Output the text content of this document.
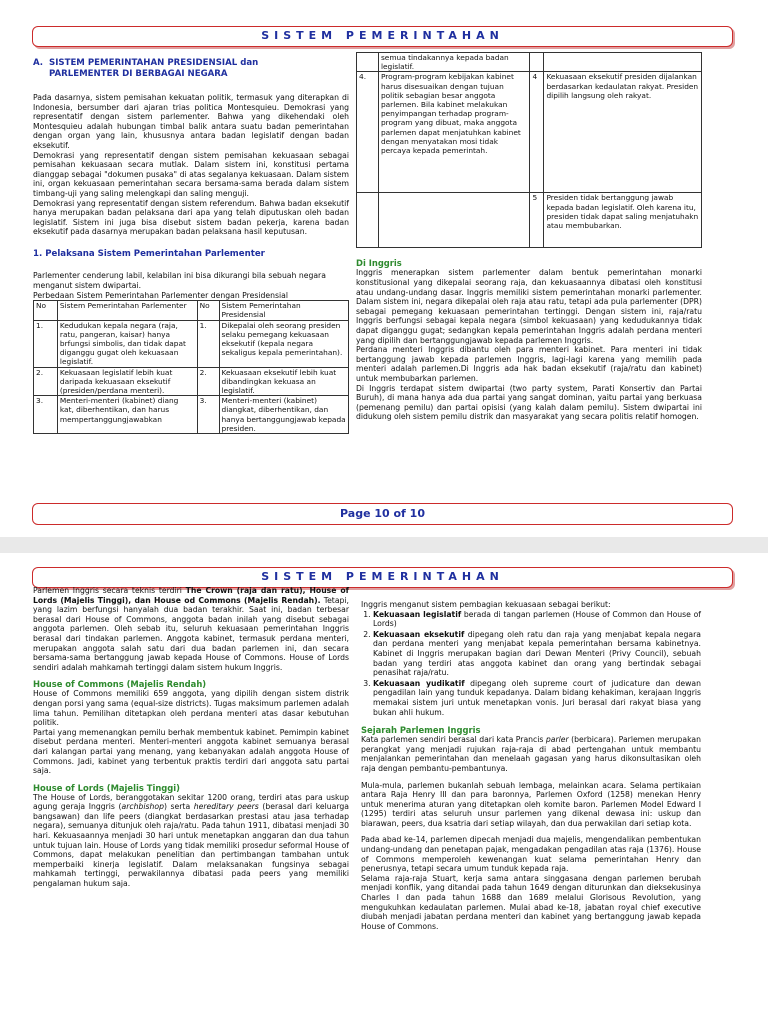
SISTEM PEMERINTAHAN
A. SISTEM PEMERINTAHAN PRESIDENSIAL dan
PARLEMENTER DI BERBAGAI NEGARA

Pada dasarnya, sistem pemisahan kekuatan politik, termasuk yang diterapkan di Indonesia, bersumber dari ajaran trias politica Montesquieu. Demokrasi yang representatif dengan sistem parlementer. Bahwa yang dikehendaki oleh Montesquieu adalah hubungan timbal balik antara suatu badan pemerintahan dengan organ yang lain, khususnya antara badan legislatif dengan badan eksekutif.

Demokrasi yang representatif dengan sistem pemisahan kekuasaan sebagai pemisahan kekuasaan secara mutlak. Dalam sistem ini, konstitusi pertama dianggap sebagai "dokumen pusaka" di atas segalanya kekuasaan. Dalam sistem ini, organ kekuasaan pemerintahan secara bersama-sama berada dalam sistem timbang-uji yang saling melengkapi dan saling menguji.

Demokrasi yang representatif dengan sistem referendum. Bahwa badan eksekutif hanya merupakan badan pelaksana dari apa yang telah diputuskan oleh badan legislatif. Sistem ini juga bisa disebut sistem badan pekerja, karena badan eksekutif pada dasarnya merupakan badan pelaksana hasil keputusan.

1. Pelaksana Sistem Pemerintahan Parlementer

Parlementer cenderung labil, kelabilan ini bisa dikurangi bila sebuah negara menganut sistem dwipartai.

Perbedaan Sistem Pemerintahan Parlementer dengan Presidensial

No	Sistem Pemerintahan Parlementer	No	Sistem Pemerintahan Presidensial
1.	Kedudukan kepala negara (raja, ratu, pangeran, kaisar) hanya brfungsi simbolis, dan tidak dapat diganggu gugat oleh kekuasaan legislatif.	1.	Dikepalai oleh seorang presiden selaku pemegang kekuasaan eksekutif (kepala negara sekaligus kepala pemerintahan).
2.	Kekuasaan legislatif lebih kuat daripada kekuasaan eksekutif (presiden/perdana menteri).	2.	Kekuasaan eksekutif lebih kuat dibandingkan kekuasa an legislatif.
3.	Menteri-menteri (kabinet) diang kat, diberhentikan, dan harus mempertanggungjawabkan	3.	Menteri-menteri (kabinet) diangkat, diberhentikan, dan hanya bertanggungjawab kepada presiden.
	semua tindakannya kepada badan legislatif.		
4.	Program-program kebijakan kabinet harus disesuaikan dengan tujuan politik sebagian besar anggota parlemen. Bila kabinet melakukan penyimpangan terhadap program-program yang dibuat, maka anggota parlemen dapat menjatuhkan kabinet dengan menyatakan mosi tidak percaya kepada pemerintah.	4	Kekuasaan eksekutif presiden dijalankan berdasarkan kedaulatan rakyat. Presiden dipilih langsung oleh rakyat.
		5	Presiden tidak bertanggung jawab kepada badan legislatif. Oleh karena itu, presiden tidak dapat saling menjatuhakn atau membubarkan.
Di Inggris

Inggris menerapkan sistem parlementer dalam bentuk pemerintahan monarki konstitusional yang dikepalai seorang raja, dan kekuasaannya dibatasi oleh konstitusi atau undang-undang dasar. Inggris memiliki sistem pemerintahan monarki parlementer. Dalam sistem ini, negara dikepalai oleh raja atau ratu, tetapi ada pula parlementer (DPR) sebagai pemegang kekuasaan pemerintahan tertinggi. Dengan sistem ini, raja/ratu Inggris berfungsi sebagai kepala negara (simbol kekuasaan) yang kedudukannya tidak dapat diganggu gugat; sedangkan kepala pemerintahan Inggris adalah perdana menteri yang dipilih dan bertanggungjawab kepada parlemen Inggris.

Perdana menteri Inggris dibantu oleh para menteri kabinet. Para menteri ini tidak bertanggung jawab kepada parlemen Inggris, lagi-lagi karena yang memilih pada menteri adalah parlemen.Di Inggris ada hak badan eksekutif (raja/ratu dan kabinet) untuk membubarkan parlemen.

Di Inggris terdapat sistem dwipartai (two party system, Parati Konsertiv dan Partai Buruh), di mana hanya ada dua partai yang sangat dominan, yaitu partai yang berkuasa (pemenang pemilu) dan partai opisisi (yang kalah dalam pemilu). Sistem dwipartai ini didukung oleh sistem pemilu distrik dan masyarakat yang secara politis relatif homogen.

Page 10 of 10
SISTEM PEMERINTAHAN

Parlemen Inggris secara teknis terdiri The Crown (raja dan ratu), House of Lords (Majelis Tinggi), dan House od Commons (Majelis Rendah). Tetapi, yang lazim berfungsi hanyalah dua badan terakhir. Saat ini, badan terbesar berasal dari House of Commons, anggota badan inilah yang disebut sebagai anggota parlemen. Oleh sebab itu, seluruh kekuasaan pemerintahan Inggris berasal dari tindakan parlemen. Anggota kabinet, termasuk perdana menteri, merupakan anggota salah satu dari dua badan parlemen ini, dan secara bersama-sama bertanggung jawab kepada House of Commons. House of Lords sendiri adalah mahkamah tertinggi dalam sistem hukum Inggris.

House of Commons (Majelis Rendah)

House of Commons memiliki 659 anggota, yang dipilih dengan sistem distrik dengan porsi yang sama (equal-size districts). Tugas maksimum parlemen adalah lima tahun. Pemilihan ditetapkan oleh perdana menteri atas dasar kebutuhan politik.

Partai yang memenangkan pemilu berhak membentuk kabinet. Pemimpin kabinet disebut perdana menteri. Menteri-menteri anggota kabinet semuanya berasal dari kalangan partai yang menang, yang kebanyakan adalah anggota House of Commons. Jadi, kabinet yang terbentuk praktis terdiri dari anggota satu partai saja.

House of Lords (Majelis Tinggi)

The House of Lords, beranggotakan sekitar 1200 orang, terdiri atas para uskup agung geraja Inggris (archbishop) serta hereditary peers (berasal dari keluarga bangsawan) dan life peers (diangkat berdasarkan prestasi atau jasa terhadap negara), semuanya ditunjuk oleh raja/ratu. Pada tahun 1911, dibatasi menjadi 30 hari. Kekuasaannya menjadi 30 hari untuk menetapkan anggaran dan dua tahun untuk tujuan lain. House of Lords yang tidak memiliki prosedur seformal House of Commons, dapat melakukan penelitian dan pertimbangan tambahan untuk memperbaiki kinerja legislatif. Dalam melaksanakan fungsinya sebagai mahkamah tertinggi, perwakilannya dibatasi pada peers yang memiliki pengalaman hukum saja.

Inggris menganut sistem pembagian kekuasaan sebagai berikut:

1. Kekuasaan legislatif berada di tangan parlemen (House of Common dan House of Lords)
2. Kekuasaan eksekutif dipegang oleh ratu dan raja yang menjabat kepala negara dan perdana menteri yang menjabat kepala pemerintahan bersama kabinetnya. Kabinet di Inggris merupakan bagian dari Dewan Menteri (Privy Council), sebuah badan yang terdiri atas anggota kabinet dan orang yang bertindak sebagai penasihat raja/ratu.
3. Kekuasaan yudikatif dipegang oleh supreme court of judicature dan dewan pengadilan lain yang tunduk kepadanya. Dalam bidang kehakiman, kerajaan Inggris memakai sistem juri untuk menetapkan vonis. Juri berasal dari rakyat biasa yang bukan ahli hukum.
Sejarah Parlemen Inggris

Kata parlemen sendiri berasal dari kata Prancis parler (berbicara). Parlemen merupakan perangkat yang menjadi rujukan raja-raja di abad pertengahan untuk membantu menjalankan pemerintahan dan menelaah gagasan yang harus dikonsultasikan oleh raja dengan pembantu-pembantunya.

Mula-mula, parlemen bukanlah sebuah lembaga, melainkan acara. Selama pertikaian antara Raja Henry III dan para baronnya, Parlemen Oxford (1258) menekan Henry untuk menerima aturan yang ditetapkan oleh komite baron. Parlemen Model Edward I (1295) terdiri atas seluruh unsur parlemen yang dikenal dewasa ini: uskup dan biarawan, peers, dua ksatria dari setiap wilayah, dan dua perwakilan dari setiap kota.

Pada abad ke-14, parlemen dipecah menjadi dua majelis, mengendalikan pembentukan undang-undang dan penetapan pajak, mengadakan pengadilan atas raja (1376). House of Commons memperoleh kewenangan kuat selama pemerintahan Henry dan penerusnya, tetapi secara umum tunduk kepada raja.

Selama raja-raja Stuart, kerja sama antara singgasana dengan parlemen berubah menjadi konflik, yang ditandai pada tahun 1649 dengan diturunkan dan dieksekusinya Charles I dan pada tahun 1688 dan 1689 melalui Glorisous Revolution, yang mengukuhkan kedaulatan parlemen. Mulai abad ke-18, jabatan royal chief executive diubah menjadi jabatan perdana menteri dan kabinet yang bertanggung jawab kepada House of Commons.
